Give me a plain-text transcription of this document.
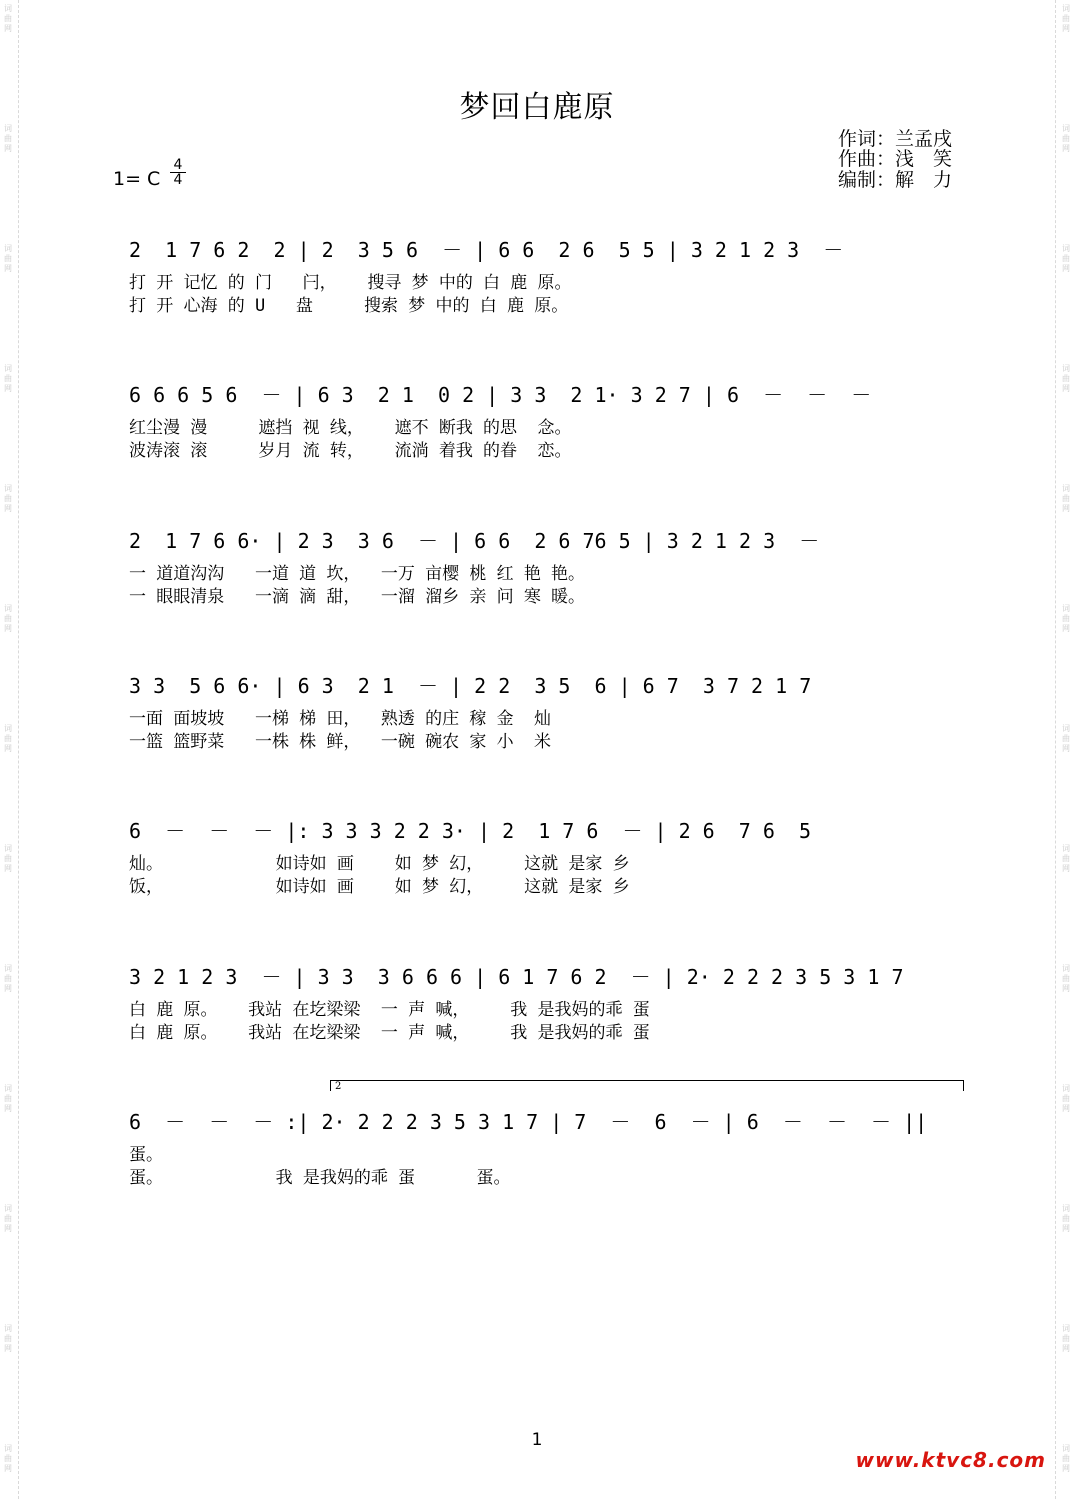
词曲网
词曲网
词曲网
词曲网
词曲网
词曲网
词曲网
词曲网
词曲网
词曲网
词曲网
词曲网
词曲网
词曲网
词曲网
词曲网
词曲网
词曲网
词曲网
词曲网
词曲网
词曲网
词曲网
词曲网
词曲网
词曲网
梦回白鹿原
作词：兰孟戌
作曲：浅　笑
编制：解　力
1= C
4
4
2  1 7 6 2  2 | 2  3 5 6  － | 6 6  2 6  5 5 | 3 2 1 2 3  －
打 开 记忆 的 门   闩，   搜寻 梦 中的 白 鹿 原。
打 开 心海 的 U   盘     搜索 梦 中的 白 鹿 原。
6 6 6 5 6  － | 6 3  2 1  0 2 | 3 3  2 1· 3 2 7 | 6  －  －  －
红尘漫 漫     遮挡 视 线，   遮不 断我 的思  念。
波涛滚 滚     岁月 流 转，   流淌 着我 的眷  恋。
2  1 7 6 6· | 2 3  3 6  － | 6 6  2 6 76 5 | 3 2 1 2 3  －
一 道道沟沟   一道 道 坎，  一万 亩樱 桃 红 艳 艳。
一 眼眼清泉   一滴 滴 甜，  一溜 溜乡 亲 问 寒 暖。
3 3  5 6 6· | 6 3  2 1  － | 2 2  3 5  6 | 6 7  3 7 2 1 7
一面 面坡坡   一梯 梯 田，  熟透 的庄 稼 金  灿
一篮 篮野菜   一株 株 鲜，  一碗 碗农 家 小  米
6  －  －  － |: 3 3 3 2 2 3· | 2  1 7 6  － | 2 6  7 6  5
灿。           如诗如 画    如 梦 幻，    这就 是家 乡
饭，           如诗如 画    如 梦 幻，    这就 是家 乡
3 2 1 2 3  － | 3 3  3 6 6 6 | 6 1 7 6 2  － | 2· 2 2 2 3 5 3 1 7
白 鹿 原。   我站 在圪梁梁  一 声 喊，    我 是我妈的乖 蛋
白 鹿 原。   我站 在圪梁梁  一 声 喊，    我 是我妈的乖 蛋
2
6  －  －  － :| 2· 2 2 2 3 5 3 1 7 | 7  －  6  － | 6  －  －  － ||
蛋。
蛋。           我 是我妈的乖 蛋      蛋。
1
www.ktvc8.com
